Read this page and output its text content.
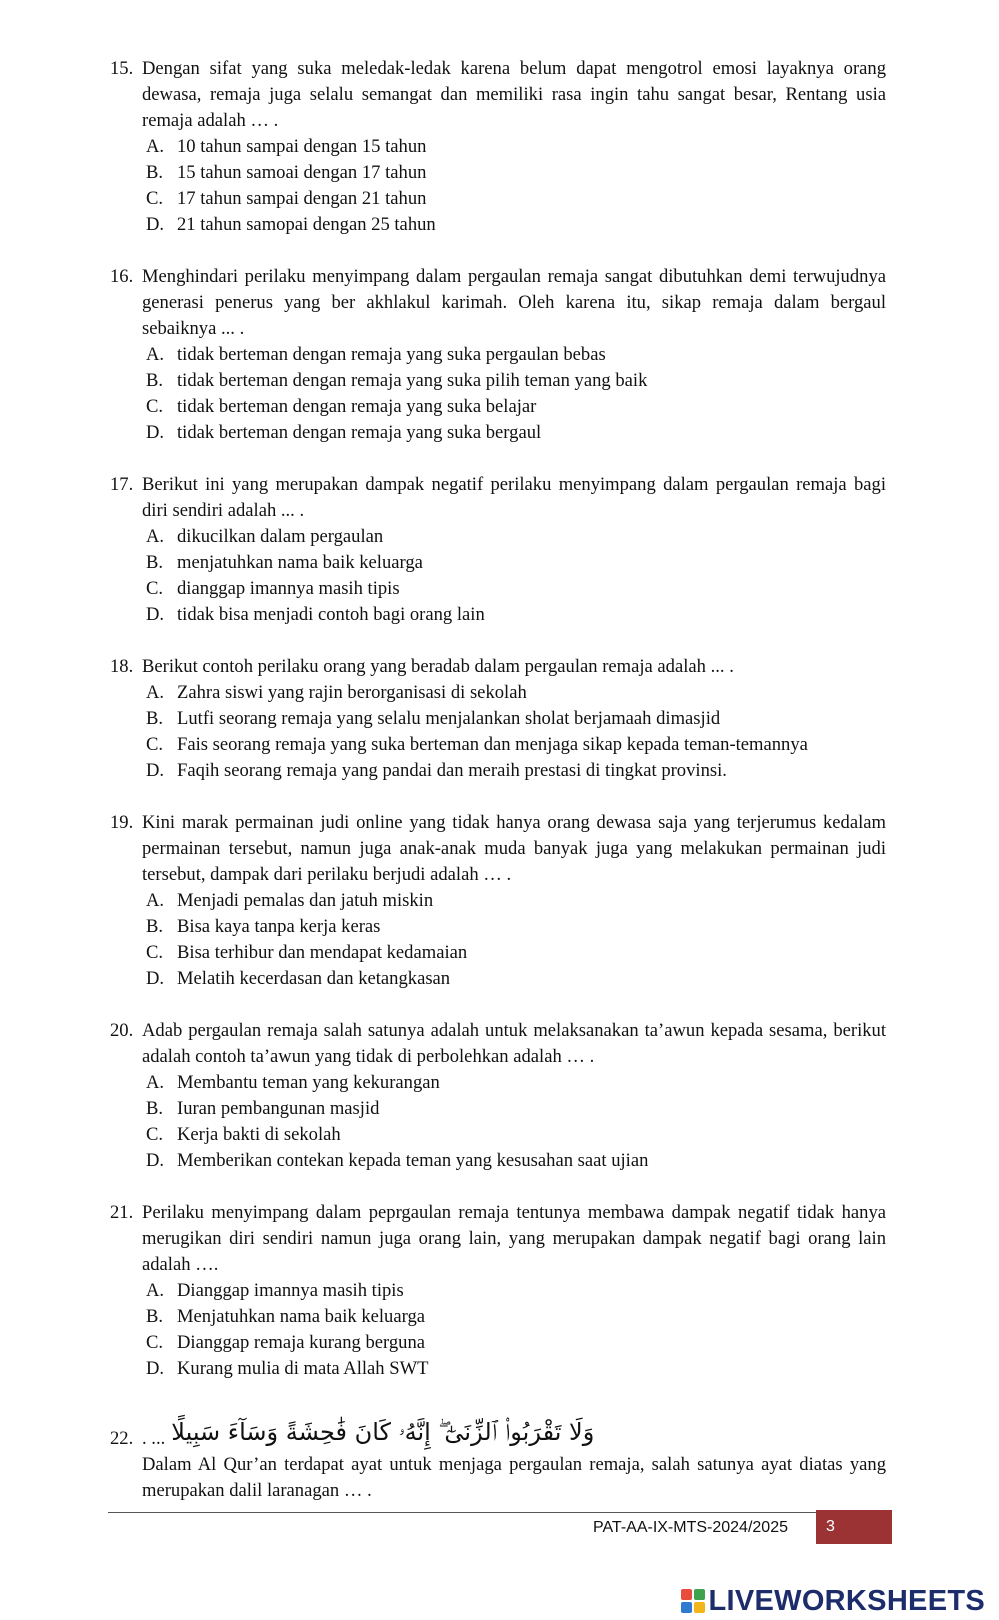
15. Dengan sifat yang suka meledak-ledak karena belum dapat mengotrol emosi layaknya orang dewasa, remaja juga selalu semangat dan memiliki rasa ingin tahu sangat besar, Rentang usia remaja adalah … .
A. 10 tahun sampai dengan 15 tahun
B. 15 tahun samoai dengan 17 tahun
C. 17 tahun sampai dengan 21 tahun
D. 21 tahun samopai dengan 25 tahun
16. Menghindari perilaku menyimpang dalam pergaulan remaja sangat dibutuhkan demi terwujudnya generasi penerus yang ber akhlakul karimah. Oleh karena itu, sikap remaja dalam bergaul sebaiknya ... .
A. tidak berteman dengan remaja yang suka pergaulan bebas
B. tidak berteman dengan remaja yang suka pilih teman yang baik
C. tidak berteman dengan remaja yang suka belajar
D. tidak berteman dengan remaja yang suka bergaul
17. Berikut ini yang merupakan dampak negatif perilaku menyimpang dalam pergaulan remaja bagi diri sendiri adalah ... .
A. dikucilkan dalam pergaulan
B. menjatuhkan nama baik keluarga
C. dianggap imannya masih tipis
D. tidak bisa menjadi contoh bagi orang lain
18. Berikut contoh perilaku orang yang beradab dalam pergaulan remaja adalah ... .
A. Zahra siswi yang rajin berorganisasi di sekolah
B. Lutfi seorang remaja yang selalu menjalankan sholat berjamaah dimasjid
C. Fais seorang remaja yang suka berteman dan menjaga sikap kepada teman-temannya
D. Faqih seorang remaja yang pandai dan meraih prestasi di tingkat provinsi.
19. Kini marak permainan judi online yang tidak hanya orang dewasa saja yang terjerumus kedalam permainan tersebut, namun juga anak-anak muda banyak juga yang melakukan permainan judi tersebut, dampak dari perilaku berjudi adalah … .
A. Menjadi pemalas dan jatuh miskin
B. Bisa kaya tanpa kerja keras
C. Bisa terhibur dan mendapat kedamaian
D. Melatih kecerdasan dan ketangkasan
20. Adab pergaulan remaja salah satunya adalah untuk melaksanakan ta’awun kepada sesama, berikut adalah contoh ta’awun yang tidak di perbolehkan adalah … .
A. Membantu teman yang kekurangan
B. Iuran pembangunan masjid
C. Kerja bakti di sekolah
D. Memberikan contekan kepada teman yang kesusahan saat ujian
21. Perilaku menyimpang dalam peprgaulan remaja tentunya membawa dampak negatif tidak hanya merugikan diri sendiri namun juga orang lain, yang merupakan dampak negatif bagi orang lain adalah ….
A. Dianggap imannya masih tipis
B. Menjatuhkan nama baik keluarga
C. Dianggap remaja kurang berguna
D. Kurang mulia di mata Allah SWT
22. . ... وَلَا تَقْرَبُوا۟ ٱلزِّنَىٰٓ ۖ إِنَّهُۥ كَانَ فَٰحِشَةً وَسَآءَ سَبِيلًا
Dalam Al Qur’an terdapat ayat untuk menjaga pergaulan remaja, salah satunya ayat diatas yang merupakan dalil laranagan … .
PAT-AA-IX-MTS-2024/2025	3
LIVEWORKSHEETS
